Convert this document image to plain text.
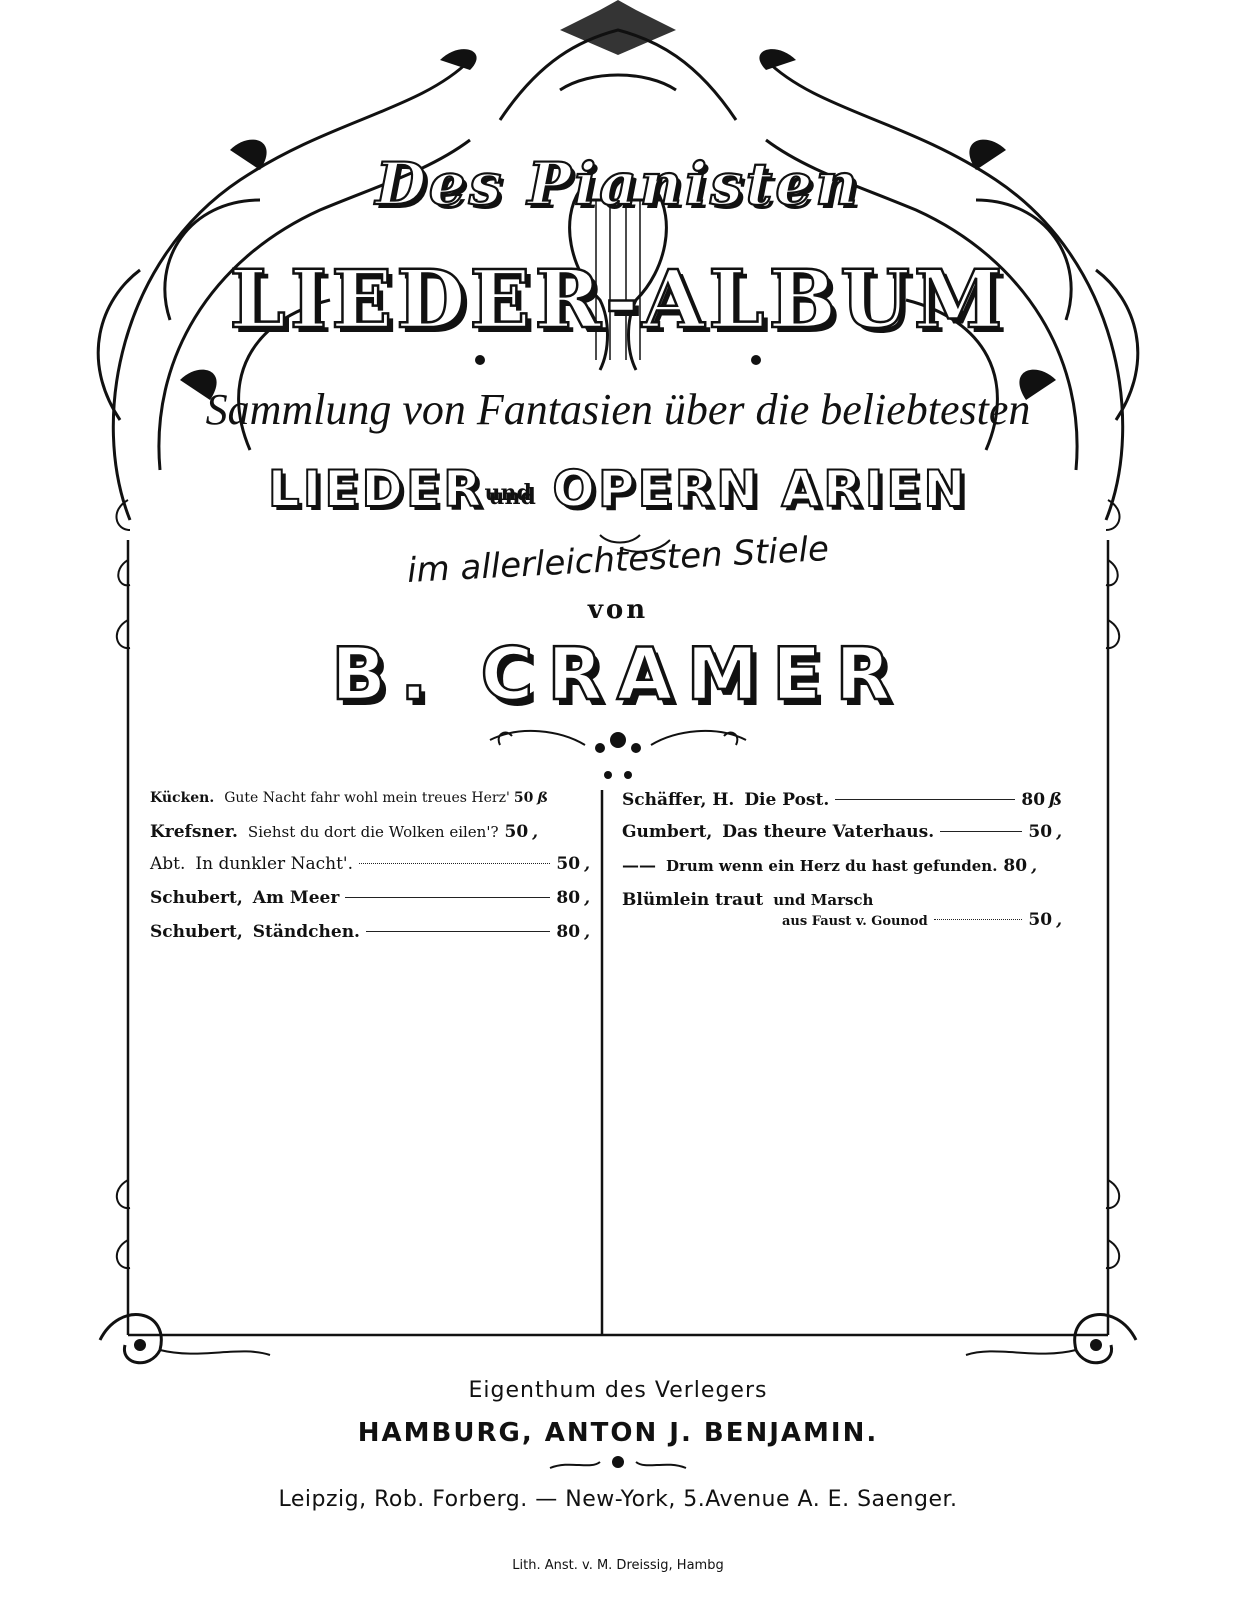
Des Pianisten
LIEDER-ALBUM
Sammlung von Fantasien über die beliebtesten
LIEDERund OPERN ARIEN
im allerleichtesten Stiele
von
B. CRAMER
Kücken. Gute Nacht fahr wohl mein treues Herz' 50 ß
Krefsner. Siehst du dort die Wolken eilen'? 50 ,
Abt. In dunkler Nacht'.	50 ,
Schubert, Am Meer	80 ,
Schubert, Ständchen.	80 ,
Schäffer, H. Die Post.	80 ß
Gumbert, Das theure Vaterhaus.	50 ,
—— Drum wenn ein Herz du hast gefunden. 80 ,
Blümlein traut und Marsch
aus Faust v. Gounod	50 ,
Eigenthum des Verlegers
HAMBURG, ANTON J. BENJAMIN.
Leipzig, Rob. Forberg. — New-York, 5.Avenue A. E. Saenger.
Lith. Anst. v. M. Dreissig, Hambg
